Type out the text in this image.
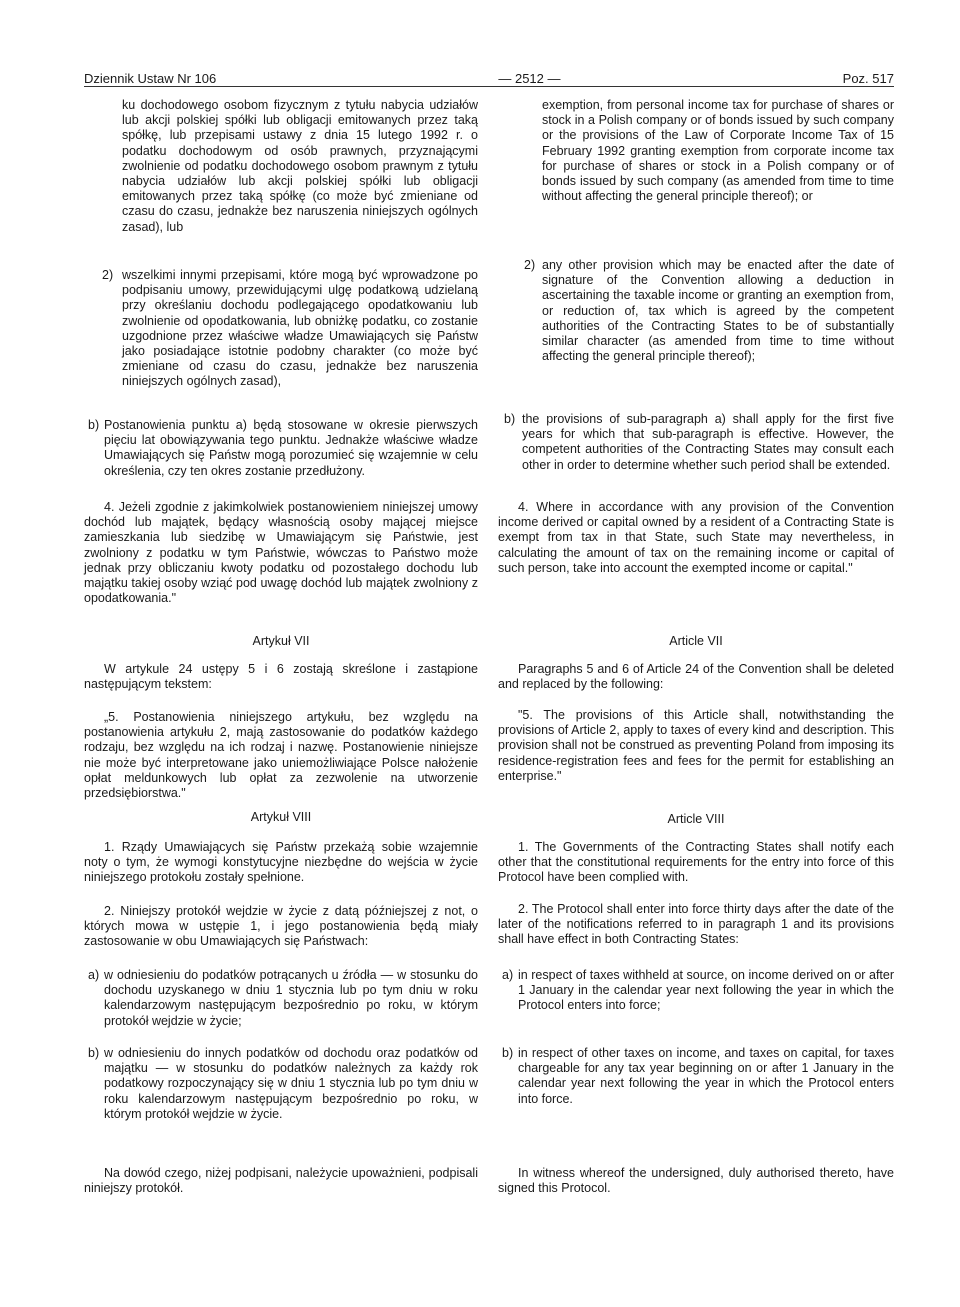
Dziennik Ustaw Nr 106	— 2512 —	Poz. 517

ku dochodowego osobom fizycznym z tytułu nabycia udziałów lub akcji polskiej spółki lub obligacji emitowanych przez taką spółkę, lub przepisami ustawy z dnia 15 lutego 1992 r. o podatku dochodowym od osób prawnych, przyznającymi zwolnienie od podatku dochodowego osobom prawnym z tytułu nabycia udziałów lub akcji polskiej spółki lub obligacji emitowanych przez taką spółkę (co może być zmieniane od czasu do czasu, jednakże bez naruszenia niniejszych ogólnych zasad), lub

2) wszelkimi innymi przepisami, które mogą być wprowadzone po podpisaniu umowy, przewidującymi ulgę podatkową udzielaną przy określaniu dochodu podlegającego opodatkowaniu lub zwolnienie od opodatkowania, lub obniżkę podatku, co zostanie uzgodnione przez właściwe władze Umawiających się Państw jako posiadające istotnie podobny charakter (co może być zmieniane od czasu do czasu, jednakże bez naruszenia niniejszych ogólnych zasad),
b) Postanowienia punktu a) będą stosowane w okresie pierwszych pięciu lat obowiązywania tego punktu. Jednakże właściwe władze Umawiających się Państw mogą porozumieć się wzajemnie w celu określenia, czy ten okres zostanie przedłużony.

4. Jeżeli zgodnie z jakimkolwiek postanowieniem niniejszej umowy dochód lub majątek, będący własnością osoby mającej miejsce zamieszkania lub siedzibę w Umawiającym się Państwie, jest zwolniony z podatku w tym Państwie, wówczas to Państwo może jednak przy obliczaniu kwoty podatku od pozostałego dochodu lub majątku takiej osoby wziąć pod uwagę dochód lub majątek zwolniony z opodatkowania."

Artykuł VII

W artykule 24 ustępy 5 i 6 zostają skreślone i zastąpione następującym tekstem:

„5. Postanowienia niniejszego artykułu, bez względu na postanowienia artykułu 2, mają zastosowanie do podatków każdego rodzaju, bez względu na ich rodzaj i nazwę. Postanowienie niniejsze nie może być interpretowane jako uniemożliwiające Polsce nałożenie opłat meldunkowych lub opłat za zezwolenie na utworzenie przedsiębiorstwa."

Artykuł VIII

1. Rządy Umawiających się Państw przekażą sobie wzajemnie noty o tym, że wymogi konstytucyjne niezbędne do wejścia w życie niniejszego protokołu zostały spełnione.

2. Niniejszy protokół wejdzie w życie z datą późniejszej z not, o których mowa w ustępie 1, i jego postanowienia będą miały zastosowanie w obu Umawiających się Państwach:

a) w odniesieniu do podatków potrącanych u źródła — w stosunku do dochodu uzyskanego w dniu 1 stycznia lub po tym dniu w roku kalendarzowym następującym bezpośrednio po roku, w którym protokół wejdzie w życie;
b) w odniesieniu do innych podatków od dochodu oraz podatków od majątku — w stosunku do podatków należnych za każdy rok podatkowy rozpoczynający się w dniu 1 stycznia lub po tym dniu w roku kalendarzowym następującym bezpośrednio po roku, w którym protokół wejdzie w życie.

Na dowód czego, niżej podpisani, należycie upoważnieni, podpisali niniejszy protokół.

exemption, from personal income tax for purchase of shares or stock in a Polish company or of bonds issued by such company or the provisions of the Law of Corporate Income Tax of 15 February 1992 granting exemption from corporate income tax for purchase of shares or stock in a Polish company or of bonds issued by such company (as amended from time to time without affecting the general principle thereof); or

2) any other provision which may be enacted after the date of signature of the Convention allowing a deduction in ascertaining the taxable income or granting an exemption from, or reduction of, tax which is agreed by the competent authorities of the Contracting States to be of substantially similar character (as amended from time to time without affecting the general principle thereof);
b) the provisions of sub-paragraph a) shall apply for the first five years for which that sub-paragraph is effective. However, the competent authorities of the Contracting States may consult each other in order to determine whether such period shall be extended.

4. Where in accordance with any provision of the Convention income derived or capital owned by a resident of a Contracting State is exempt from tax in that State, such State may nevertheless, in calculating the amount of tax on the remaining income or capital of such person, take into account the exempted income or capital."

Article VII

Paragraphs 5 and 6 of Article 24 of the Convention shall be deleted and replaced by the following:

"5. The provisions of this Article shall, notwithstanding the provisions of Article 2, apply to taxes of every kind and description. This provision shall not be construed as preventing Poland from imposing its residence-registration fees and fees for the permit for establishing an enterprise."

Article VIII

1. The Governments of the Contracting States shall notify each other that the constitutional requirements for the entry into force of this Protocol have been complied with.

2. The Protocol shall enter into force thirty days after the date of the later of the notifications referred to in paragraph 1 and its provisions shall have effect in both Contracting States:

a) in respect of taxes withheld at source, on income derived on or after 1 January in the calendar year next following the year in which the Protocol enters into force;
b) in respect of other taxes on income, and taxes on capital, for taxes chargeable for any tax year beginning on or after 1 January in the calendar year next following the year in which the Protocol enters into force.

In witness whereof the undersigned, duly authorised thereto, have signed this Protocol.
